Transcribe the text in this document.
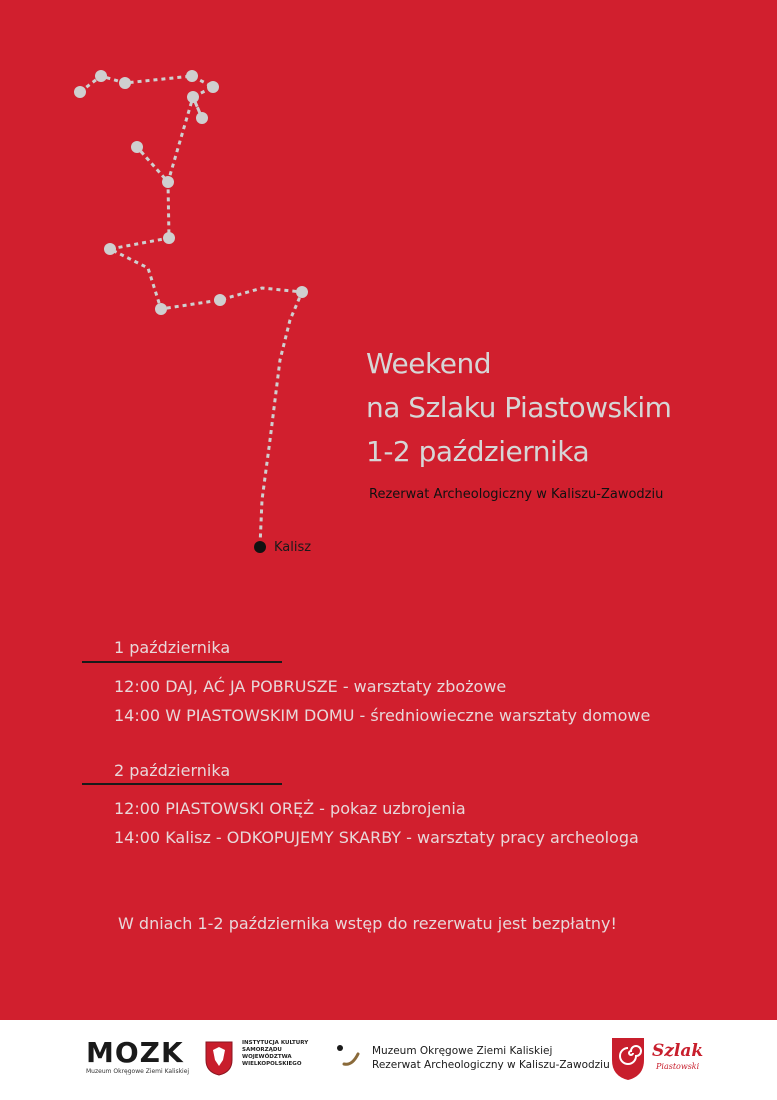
Kalisz
Weekend
na Szlaku Piastowskim
1-2 października
Rezerwat Archeologiczny w Kaliszu-Zawodziu
1 października
12:00 DAJ, AĆ JA POBRUSZE - warsztaty zbożowe
14:00 W PIASTOWSKIM DOMU - średniowieczne warsztaty domowe
2 października
12:00 PIASTOWSKI ORĘŻ - pokaz uzbrojenia
14:00 Kalisz - ODKOPUJEMY SKARBY - warsztaty pracy archeologa
W dniach 1-2 października wstęp do rezerwatu jest bezpłatny!
MOZK
Muzeum Okręgowe Ziemi Kaliskiej
INSTYTUCJA KULTURY
SAMORZĄDU WOJEWÓDZTWA
WIELKOPOLSKIEGO
Muzeum Okręgowe Ziemi Kaliskiej
Rezerwat Archeologiczny w Kaliszu-Zawodziu
Szlak
Piastowski
